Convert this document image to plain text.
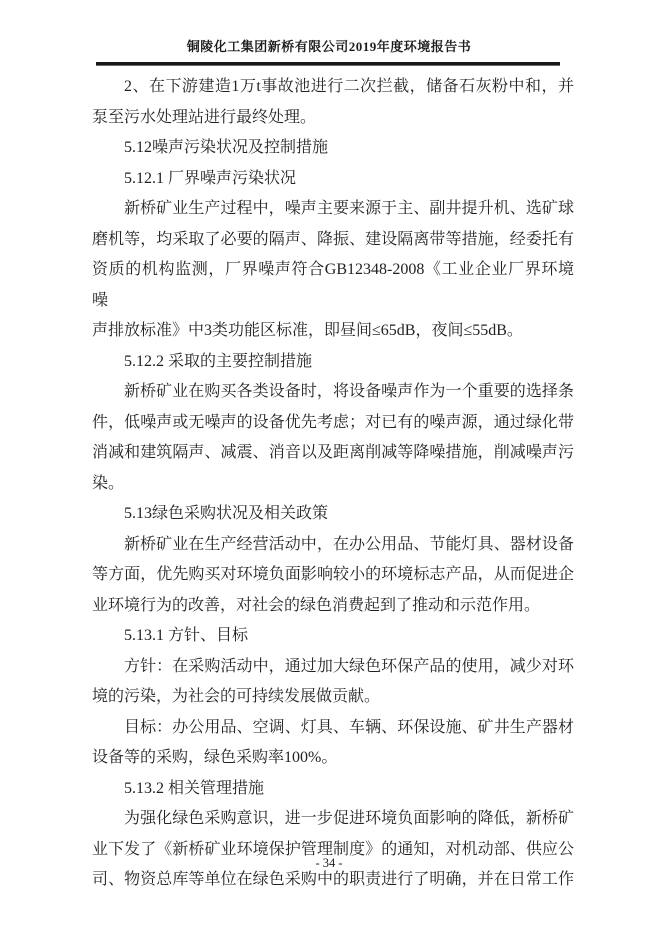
铜陵化工集团新桥有限公司2019年度环境报告书
2、在下游建造1万t事故池进行二次拦截，储备石灰粉中和，并
泵至污水处理站进行最终处理。
5.12噪声污染状况及控制措施
5.12.1 厂界噪声污染状况
新桥矿业生产过程中，噪声主要来源于主、副井提升机、选矿球
磨机等，均采取了必要的隔声、降振、建设隔离带等措施，经委托有
资质的机构监测，厂界噪声符合GB12348-2008《工业企业厂界环境噪
声排放标准》中3类功能区标准，即昼间≤65dB，夜间≤55dB。
5.12.2 采取的主要控制措施
新桥矿业在购买各类设备时，将设备噪声作为一个重要的选择条
件，低噪声或无噪声的设备优先考虑；对已有的噪声源，通过绿化带
消减和建筑隔声、减震、消音以及距离削减等降噪措施，削减噪声污
染。
5.13绿色采购状况及相关政策
新桥矿业在生产经营活动中，在办公用品、节能灯具、器材设备
等方面，优先购买对环境负面影响较小的环境标志产品，从而促进企
业环境行为的改善，对社会的绿色消费起到了推动和示范作用。
5.13.1 方针、目标
方针：在采购活动中，通过加大绿色环保产品的使用，减少对环
境的污染，为社会的可持续发展做贡献。
目标：办公用品、空调、灯具、车辆、环保设施、矿井生产器材
设备等的采购，绿色采购率100%。
5.13.2 相关管理措施
为强化绿色采购意识，进一步促进环境负面影响的降低，新桥矿
业下发了《新桥矿业环境保护管理制度》的通知，对机动部、供应公
司、物资总库等单位在绿色采购中的职责进行了明确，并在日常工作
- 34 -
